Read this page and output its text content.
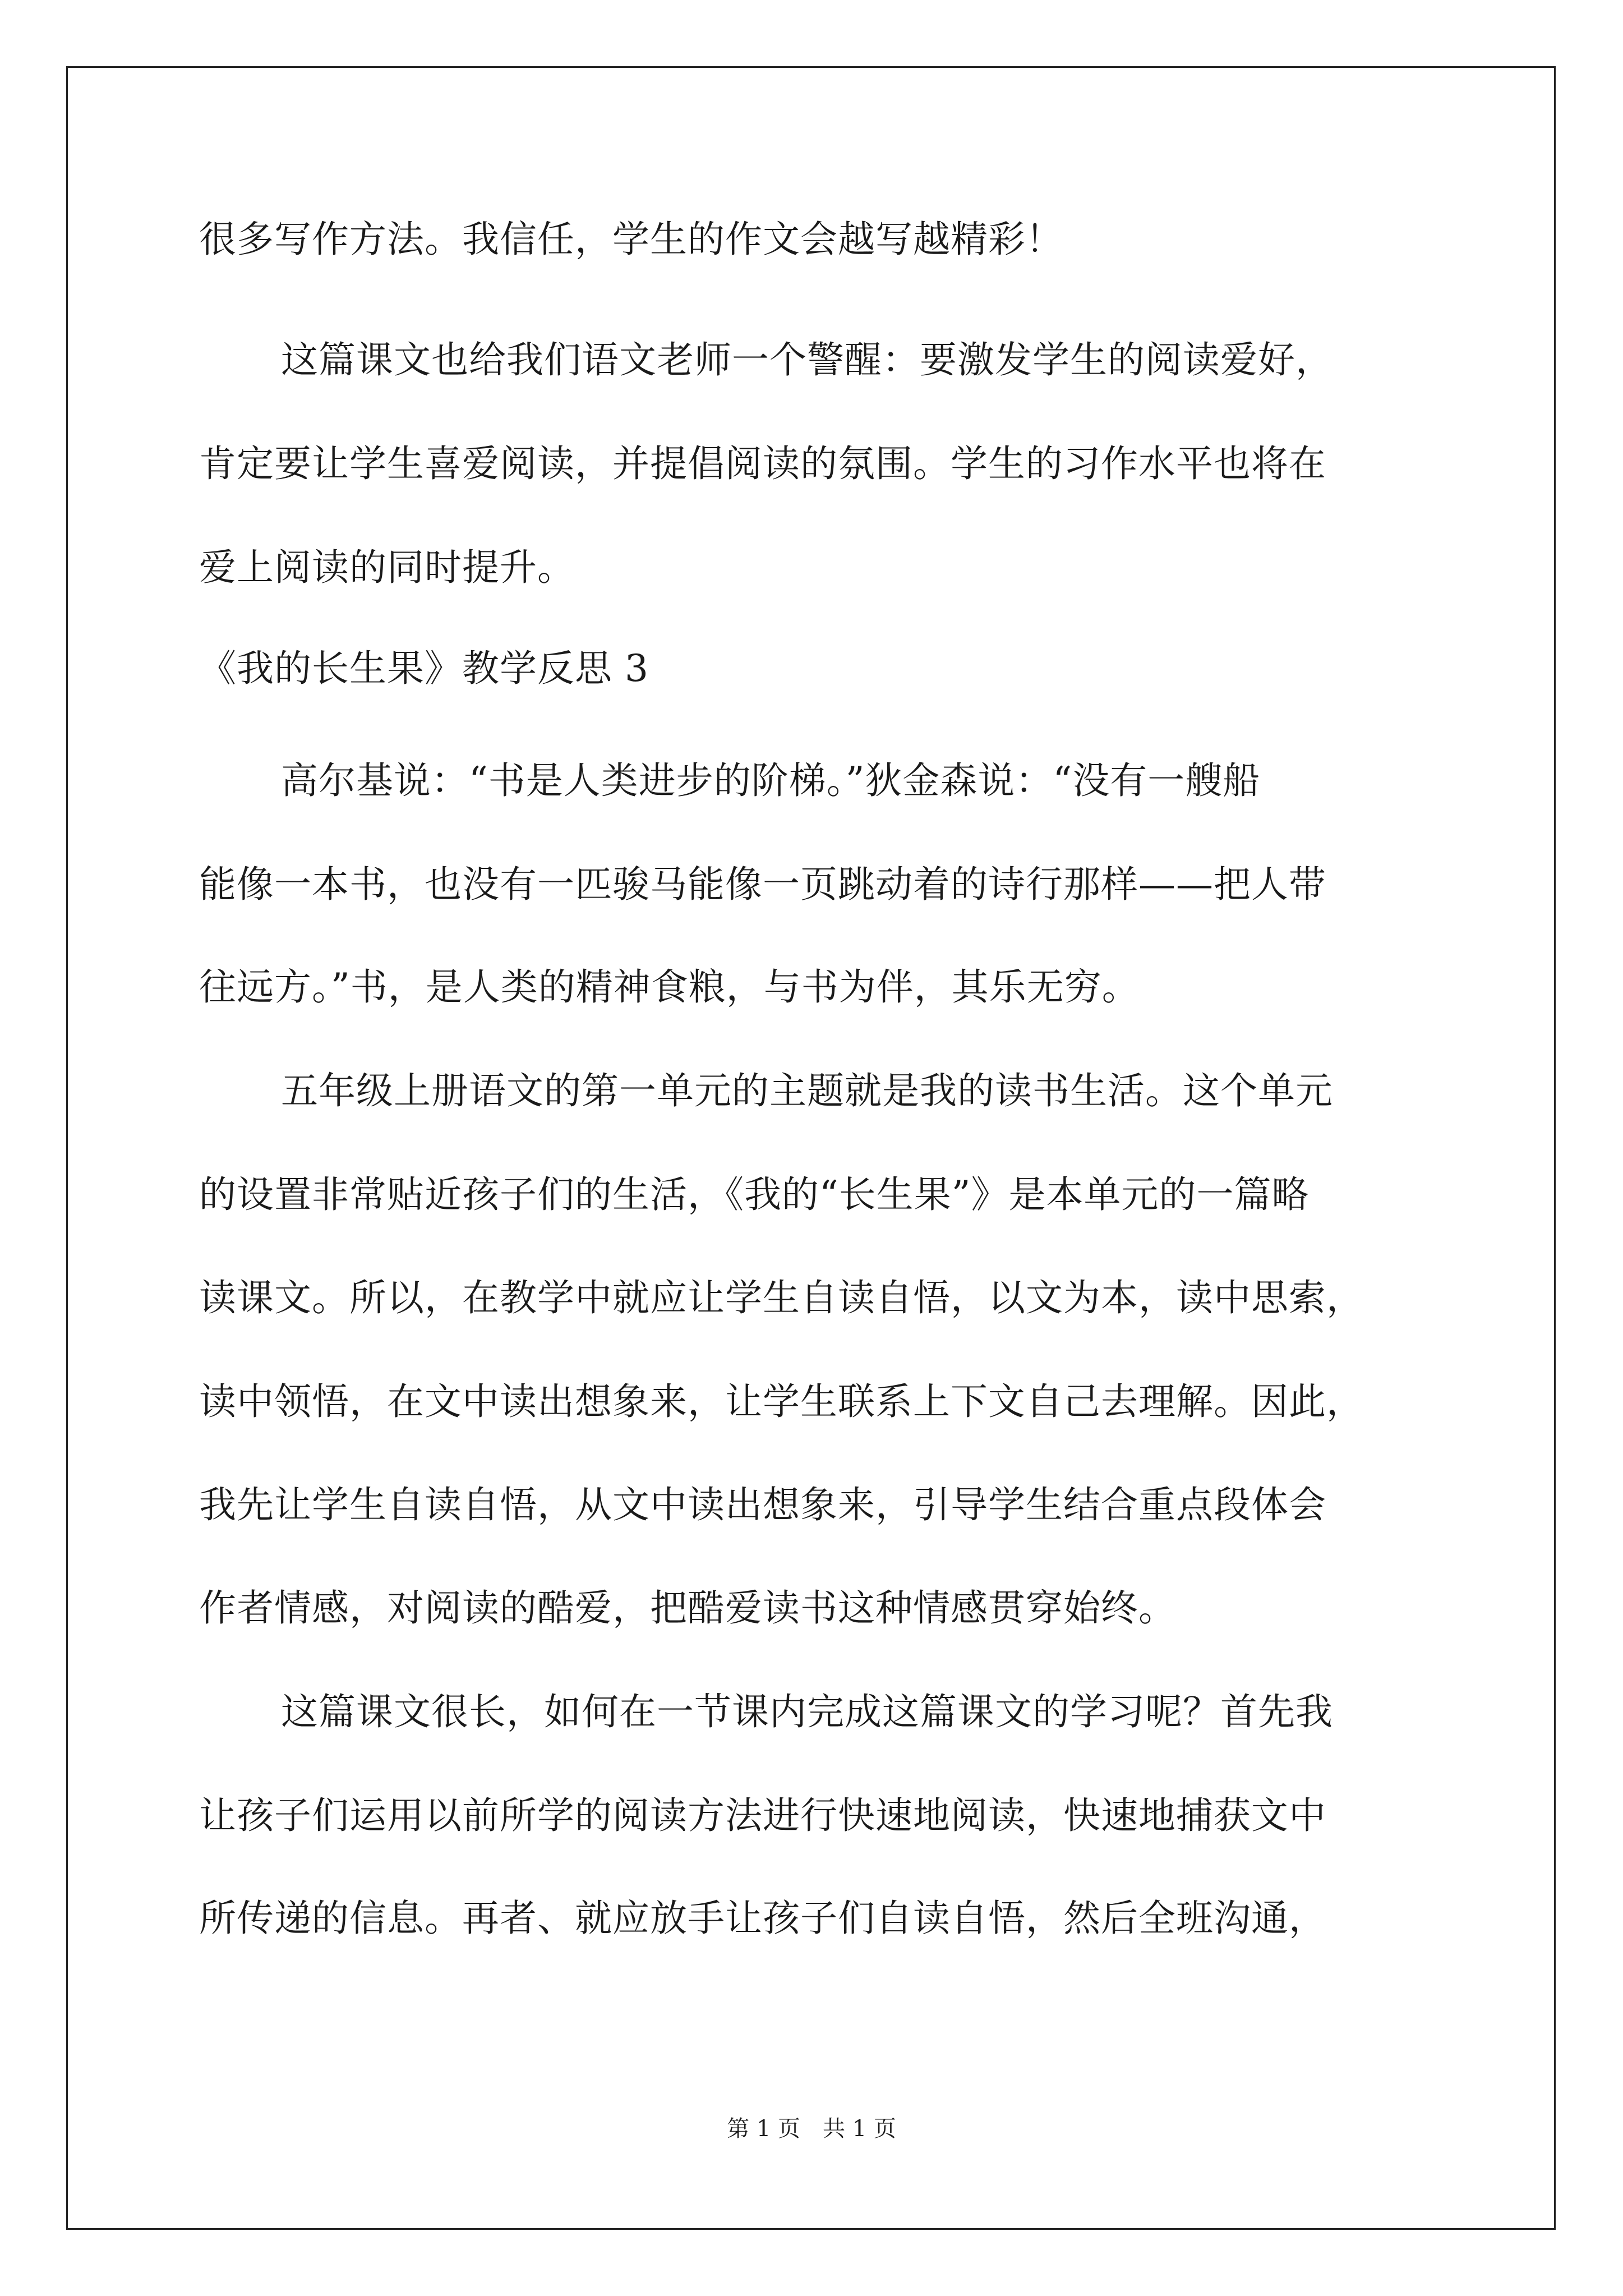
很多写作方法。我信任，学生的作文会越写越精彩！
这篇课文也给我们语文老师一个警醒：要激发学生的阅读爱好，
肯定要让学生喜爱阅读，并提倡阅读的氛围。学生的习作水平也将在
爱上阅读的同时提升。
《我的长生果》教学反思 3
高尔基说：“书是人类进步的阶梯。”狄金森说：“没有一艘船
能像一本书，也没有一匹骏马能像一页跳动着的诗行那样——把人带
往远方。”书，是人类的精神食粮，与书为伴，其乐无穷。
五年级上册语文的第一单元的主题就是我的读书生活。这个单元
的设置非常贴近孩子们的生活，《我的“长生果”》是本单元的一篇略
读课文。所以，在教学中就应让学生自读自悟，以文为本，读中思索，
读中领悟，在文中读出想象来，让学生联系上下文自己去理解。因此，
我先让学生自读自悟，从文中读出想象来，引导学生结合重点段体会
作者情感，对阅读的酷爱，把酷爱读书这种情感贯穿始终。
这篇课文很长，如何在一节课内完成这篇课文的学习呢？首先我
让孩子们运用以前所学的阅读方法进行快速地阅读，快速地捕获文中
所传递的信息。再者、就应放手让孩子们自读自悟，然后全班沟通，
第 1 页　共 1 页
